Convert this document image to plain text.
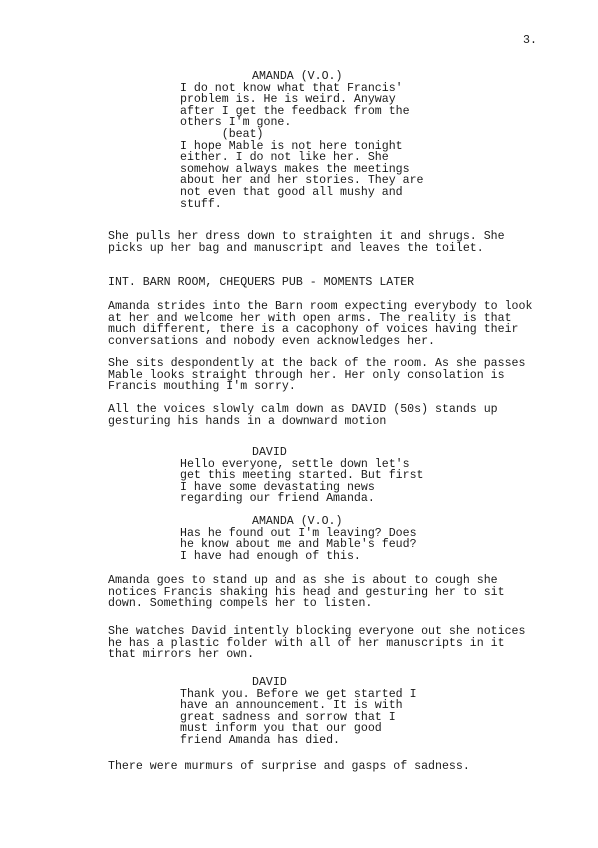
3.
AMANDA (V.O.)
I do not know what that Francis'
problem is. He is weird. Anyway
after I get the feedback from the
others I'm gone.
(beat)
I hope Mable is not here tonight
either. I do not like her. She
somehow always makes the meetings
about her and her stories. They are
not even that good all mushy and
stuff.
She pulls her dress down to straighten it and shrugs. She
picks up her bag and manuscript and leaves the toilet.
INT. BARN ROOM, CHEQUERS PUB - MOMENTS LATER
Amanda strides into the Barn room expecting everybody to look
at her and welcome her with open arms. The reality is that
much different, there is a cacophony of voices having their
conversations and nobody even acknowledges her.
She sits despondently at the back of the room. As she passes
Mable looks straight through her. Her only consolation is
Francis mouthing I'm sorry.
All the voices slowly calm down as DAVID (50s) stands up
gesturing his hands in a downward motion
DAVID
Hello everyone, settle down let's
get this meeting started. But first
I have some devastating news
regarding our friend Amanda.
AMANDA (V.O.)
Has he found out I'm leaving? Does
he know about me and Mable's feud?
I have had enough of this.
Amanda goes to stand up and as she is about to cough she
notices Francis shaking his head and gesturing her to sit
down. Something compels her to listen.
She watches David intently blocking everyone out she notices
he has a plastic folder with all of her manuscripts in it
that mirrors her own.
DAVID
Thank you. Before we get started I
have an announcement. It is with
great sadness and sorrow that I
must inform you that our good
friend Amanda has died.
There were murmurs of surprise and gasps of sadness.
